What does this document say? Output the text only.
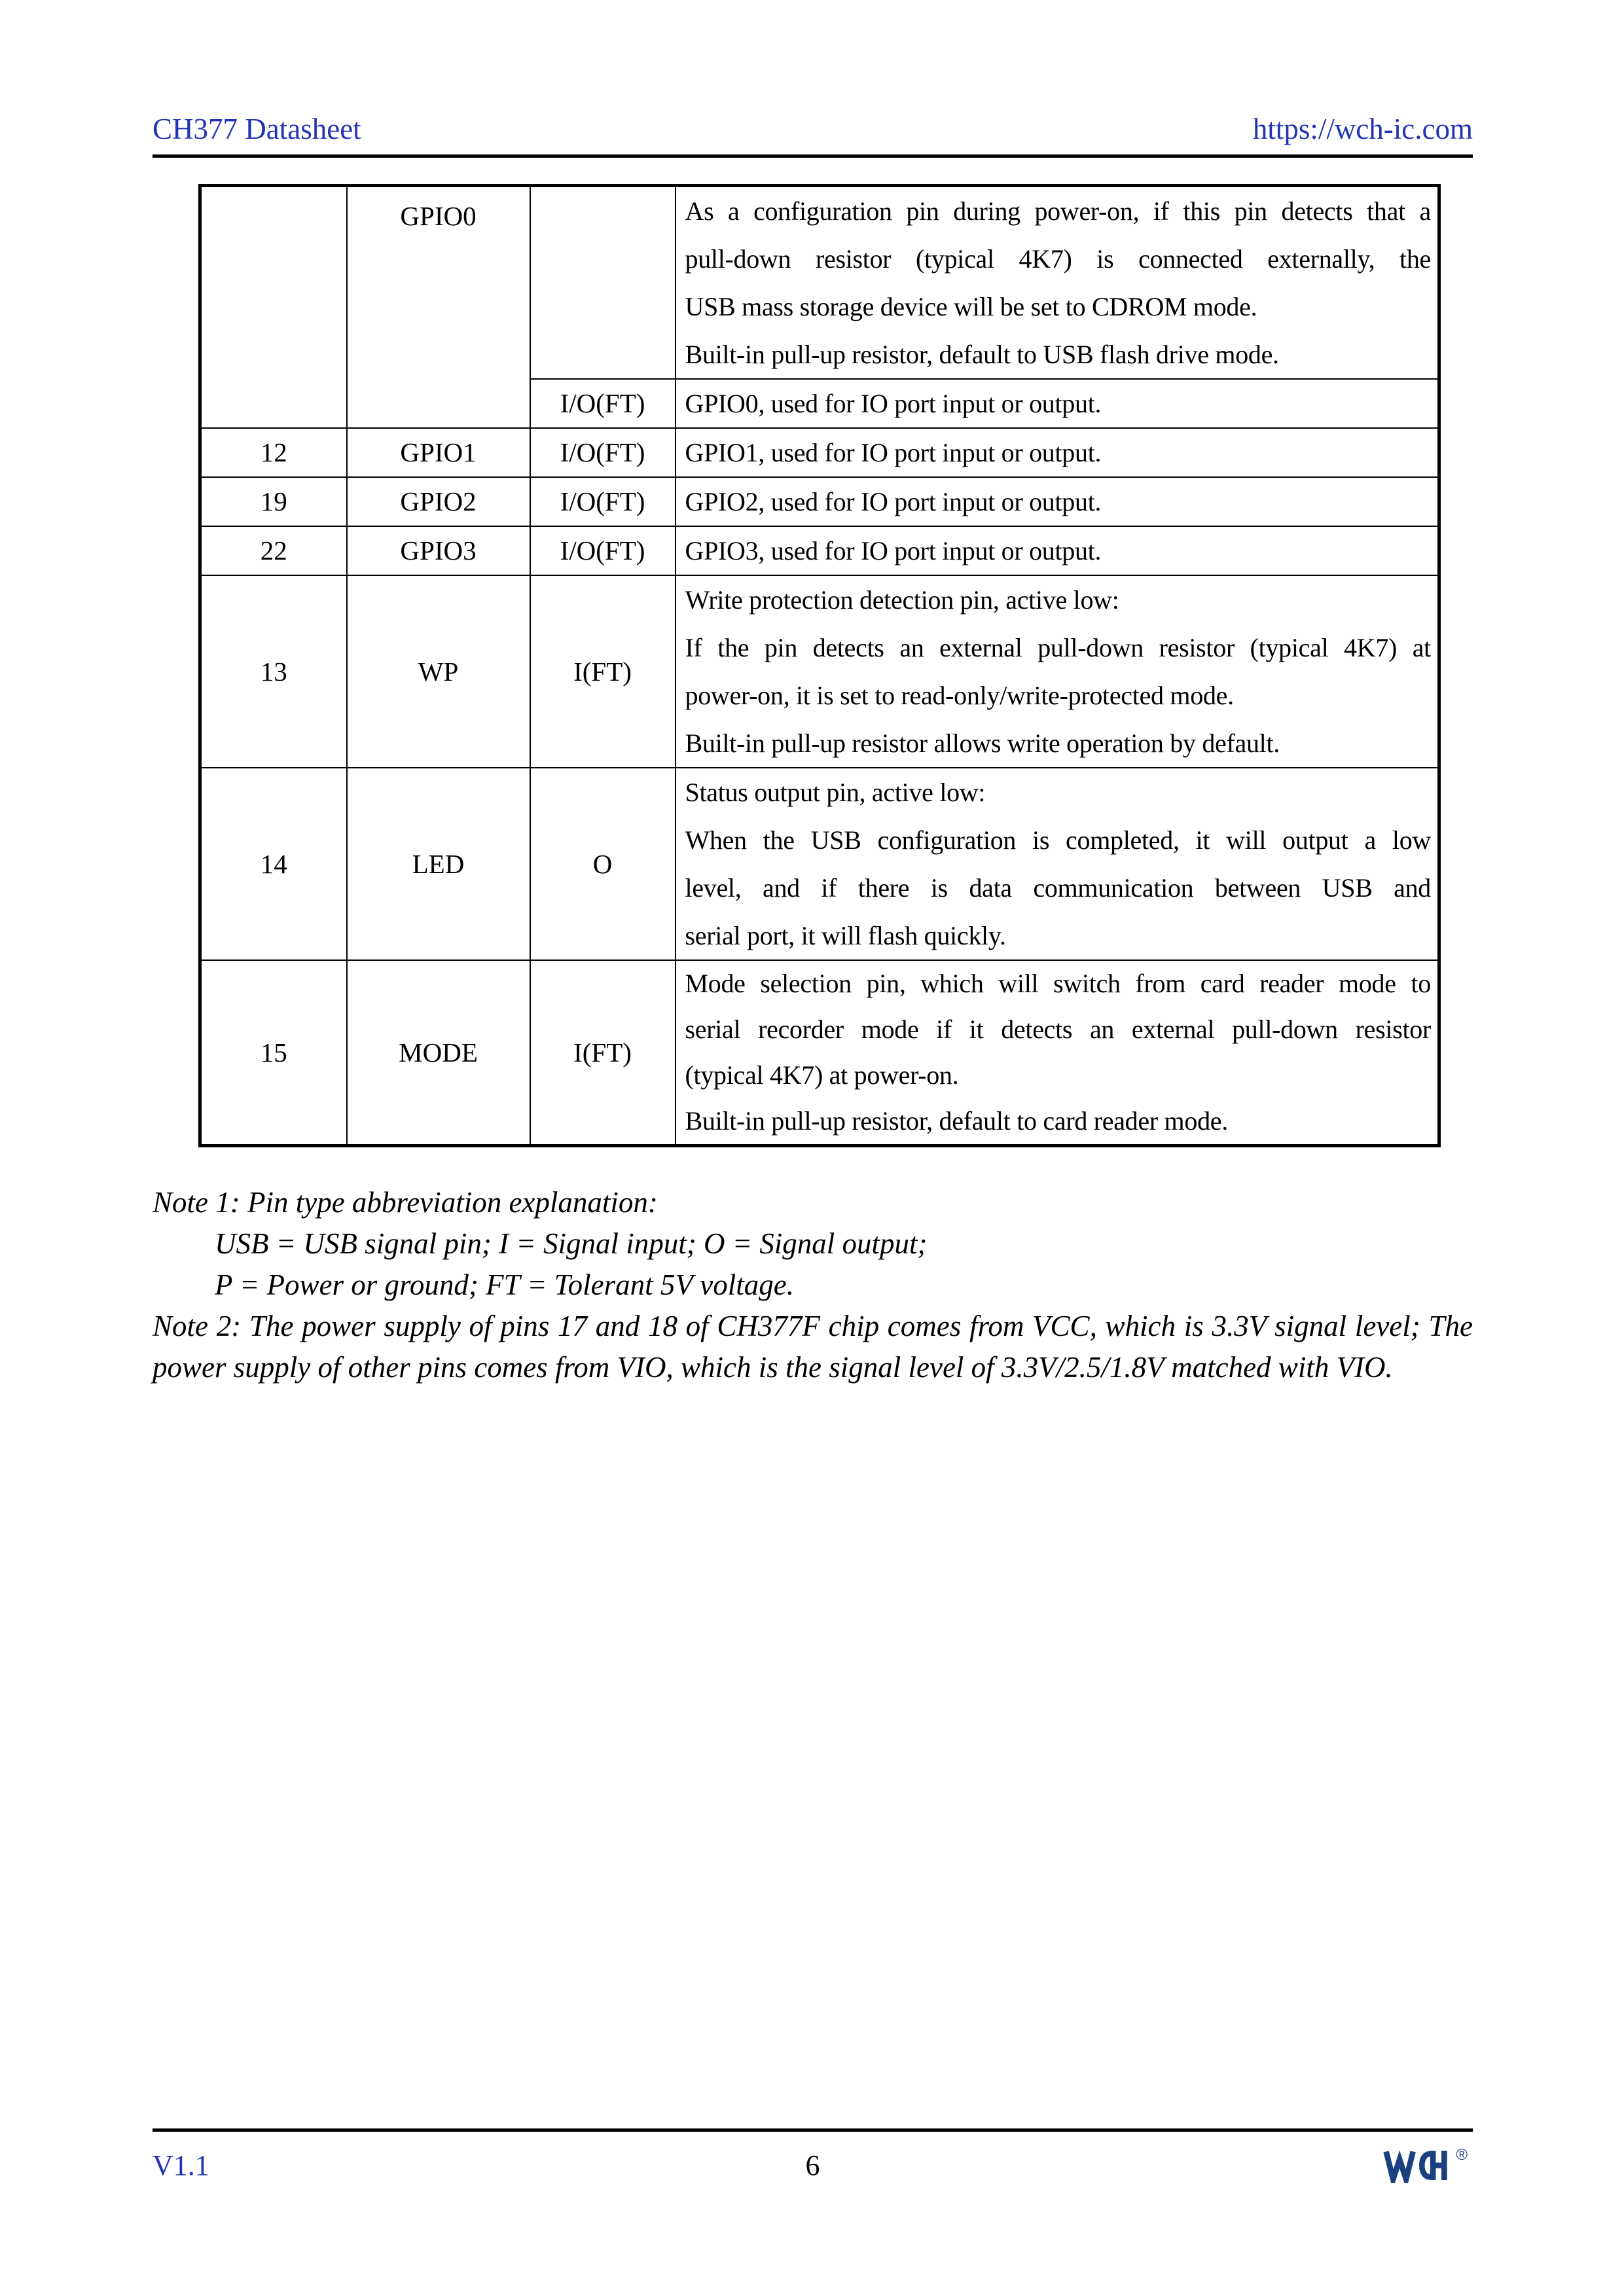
CH377 Datasheet	https://wch-ic.com
	GPIO0		As a configuration pin during power-on, if this pin detects that a
pull-down resistor (typical 4K7) is connected externally, the
USB mass storage device will be set to CDROM mode.
Built-in pull-up resistor, default to USB flash drive mode.

		I/O(FT)	GPIO0, used for IO port input or output.

12	GPIO1	I/O(FT)	GPIO1, used for IO port input or output.

19	GPIO2	I/O(FT)	GPIO2, used for IO port input or output.

22	GPIO3	I/O(FT)	GPIO3, used for IO port input or output.

13	WP	I(FT)	Write protection detection pin, active low:
If the pin detects an external pull-down resistor (typical 4K7) at
power-on, it is set to read-only/write-protected mode.
Built-in pull-up resistor allows write operation by default.

14	LED	O	Status output pin, active low:
When the USB configuration is completed, it will output a low
level, and if there is data communication between USB and
serial port, it will flash quickly.

15	MODE	I(FT)	Mode selection pin, which will switch from card reader mode to
serial recorder mode if it detects an external pull-down resistor
(typical 4K7) at power-on.
Built-in pull-up resistor, default to card reader mode.
Note 1: Pin type abbreviation explanation:
USB = USB signal pin; I = Signal input; O = Signal output;
P = Power or ground; FT = Tolerant 5V voltage.
Note 2: The power supply of pins 17 and 18 of CH377F chip comes from VCC, which is 3.3V signal level; The
power supply of other pins comes from VIO, which is the signal level of 3.3V/2.5/1.8V matched with VIO.
V1.1	6	®
